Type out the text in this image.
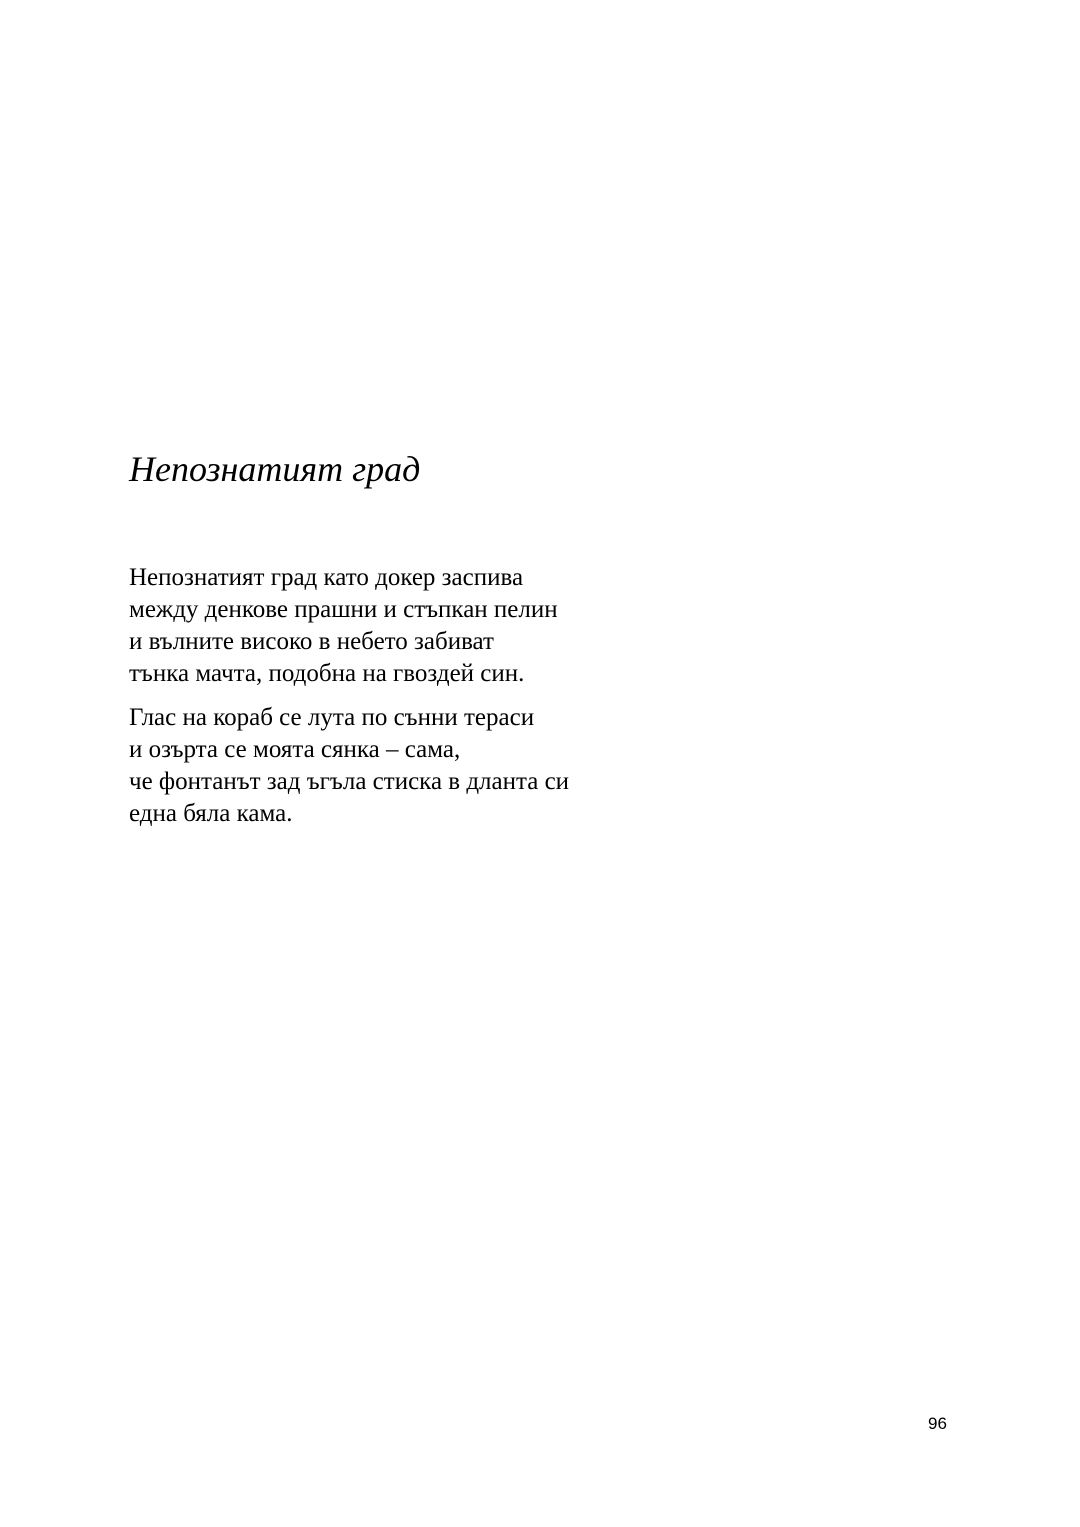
Непознатият град
Непознатият град като докер заспива
между денкове прашни и стъпкан пелин
и вълните високо в небето забиват
тънка мачта, подобна на гвоздей син.
Глас на кораб се лута по сънни тераси
и озърта се моята сянка – сама,
че фонтанът зад ъгъла стиска в дланта си
една бяла кама.
96
